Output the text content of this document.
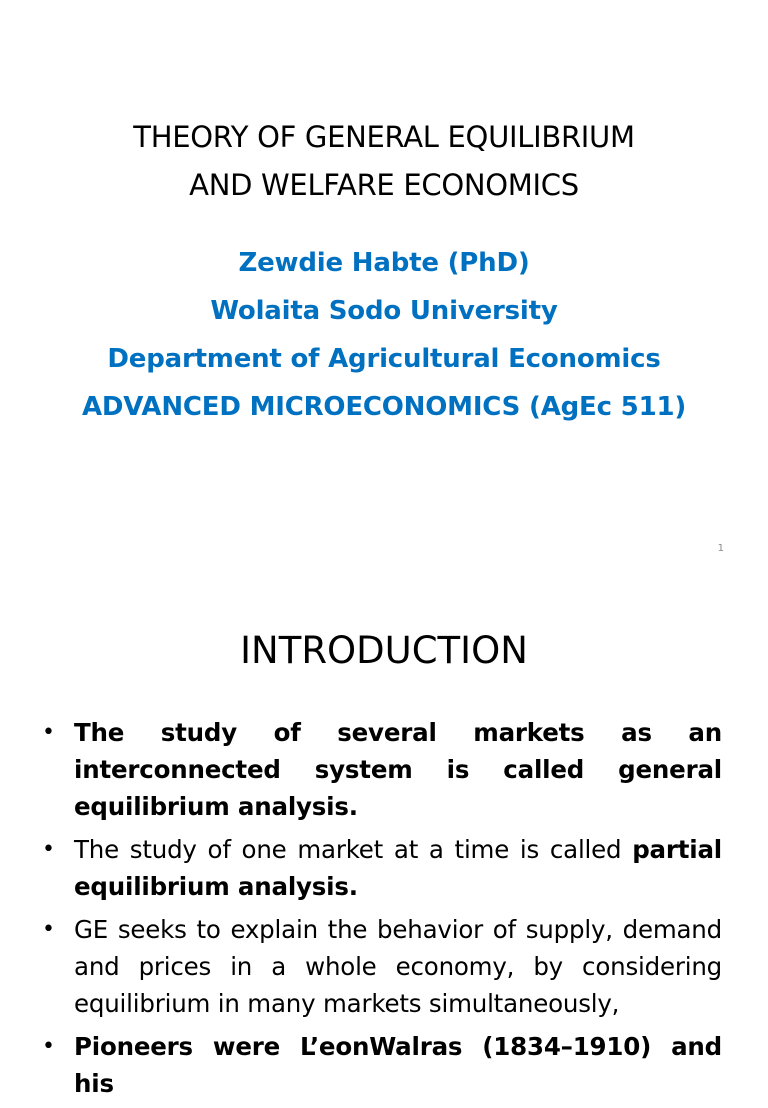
THEORY OF GENERAL EQUILIBRIUM
AND WELFARE ECONOMICS
Zewdie Habte (PhD)
Wolaita Sodo University
Department of Agricultural Economics
ADVANCED MICROECONOMICS (AgEc 511)
1
INTRODUCTION
• The study of several markets as an interconnected system is called general equilibrium analysis.
• The study of one market at a time is called partial equilibrium analysis.
• GE seeks to explain the behavior of supply, demand and prices in a whole economy, by considering equilibrium in many markets simultaneously,
• Pioneers were L’eonWalras (1834–1910) and his
